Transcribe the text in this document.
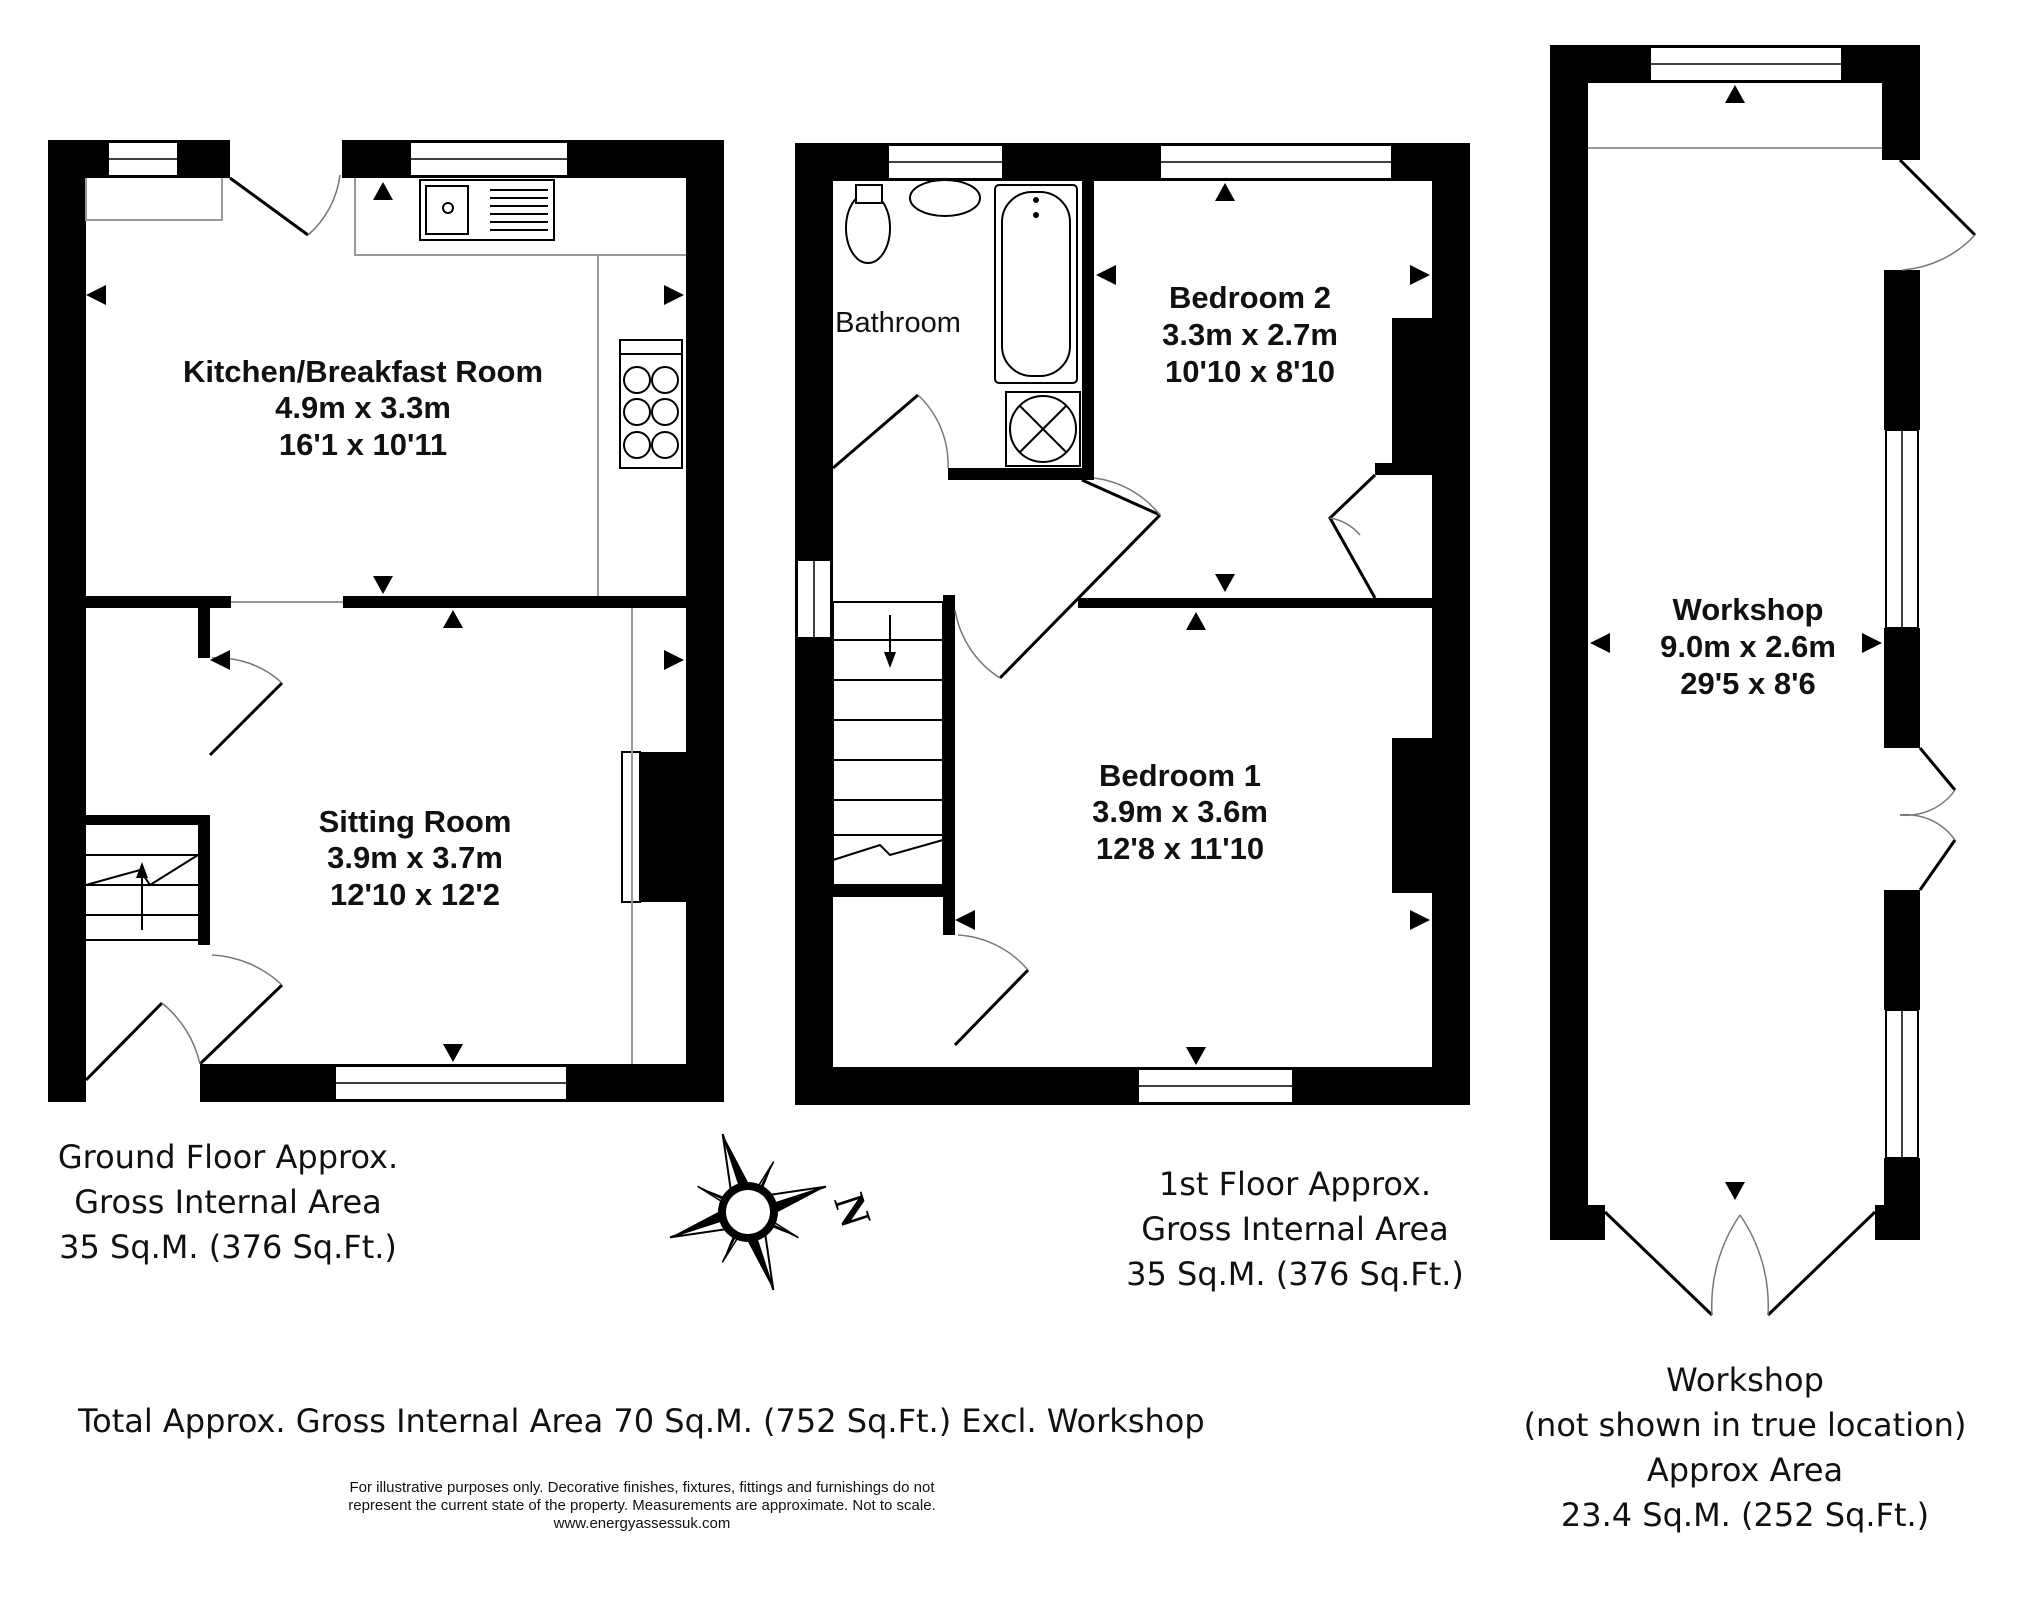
Kitchen/Breakfast Room
4.9m x 3.3m
16'1 x 10'11
Sitting Room
3.9m x 3.7m
12'10 x 12'2
Ground Floor Approx.
Gross Internal Area
35 Sq.M. (376 Sq.Ft.)
Bathroom
Bedroom 2
3.3m x 2.7m
10'10 x 8'10
Bedroom 1
3.9m x 3.6m
12'8 x 11'10
1st Floor Approx.
Gross Internal Area
35 Sq.M. (376 Sq.Ft.)
Workshop
9.0m x 2.6m
29'5 x 8'6
Workshop
(not shown in true location)
Approx Area
23.4 Sq.M. (252 Sq.Ft.)
N
Total Approx. Gross Internal Area 70 Sq.M. (752 Sq.Ft.) Excl. Workshop
For illustrative purposes only. Decorative finishes, fixtures, fittings and furnishings do not
represent the current state of the property. Measurements are approximate. Not to scale.
www.energyassessuk.com
